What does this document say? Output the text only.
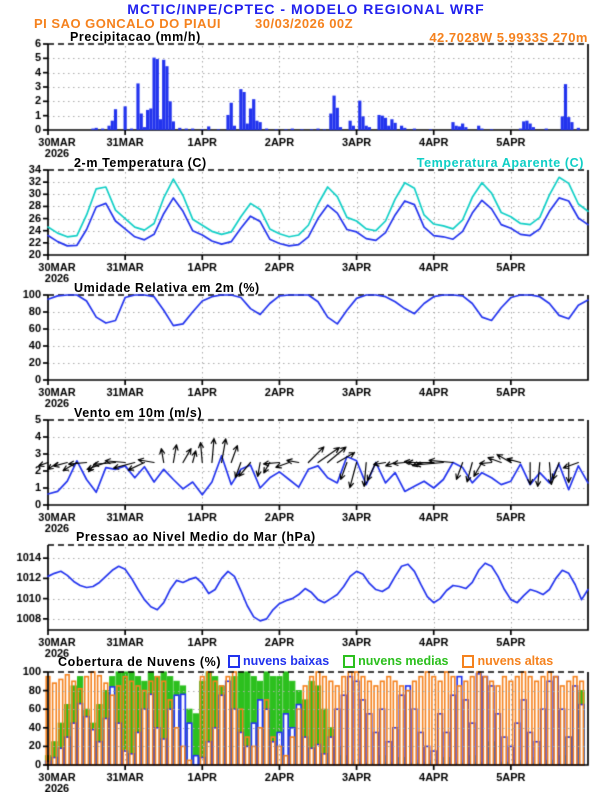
MCTIC/INPE/CPTEC - MODELO REGIONAL WRF
PI SAO GONCALO DO PIAUI	30/03/2026 00Z
42.7028W 5.9933S 270m
Precipitacao (mm/h)
2-m Temperatura (C)	Temperatura Aparente (C)
Umidade Relativa em 2m (%)
Vento em 10m (m/s)
Pressao ao Nivel Medio do Mar (hPa)
Cobertura de Nuvens (%) nuvens baixas nuvens medias nuvens altas
